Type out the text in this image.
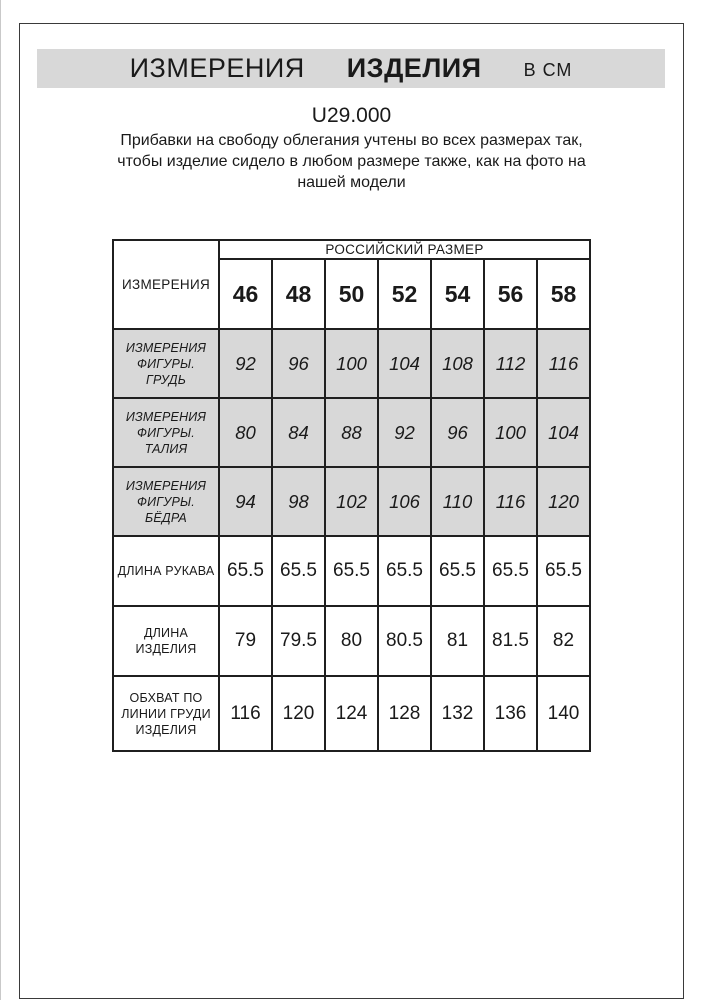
ИЗМЕРЕНИЯ ИЗДЕЛИЯ В СМ
U29.000
Прибавки на свободу облегания учтены во всех размерах так,
чтобы изделие сидело в любом размере также, как на фото на
нашей модели
ИЗМЕРЕНИЯ	РОССИЙСКИЙ РАЗМЕР						
	46	48	50	52	54	56	58
ИЗМЕРЕНИЯ ФИГУРЫ. ГРУДЬ	92	96	100	104	108	112	116
ИЗМЕРЕНИЯ ФИГУРЫ. ТАЛИЯ	80	84	88	92	96	100	104
ИЗМЕРЕНИЯ ФИГУРЫ. БЁДРА	94	98	102	106	110	116	120
ДЛИНА РУКАВА	65.5	65.5	65.5	65.5	65.5	65.5	65.5
ДЛИНА ИЗДЕЛИЯ	79	79.5	80	80.5	81	81.5	82
ОБХВАТ ПО ЛИНИИ ГРУДИ ИЗДЕЛИЯ	116	120	124	128	132	136	140
